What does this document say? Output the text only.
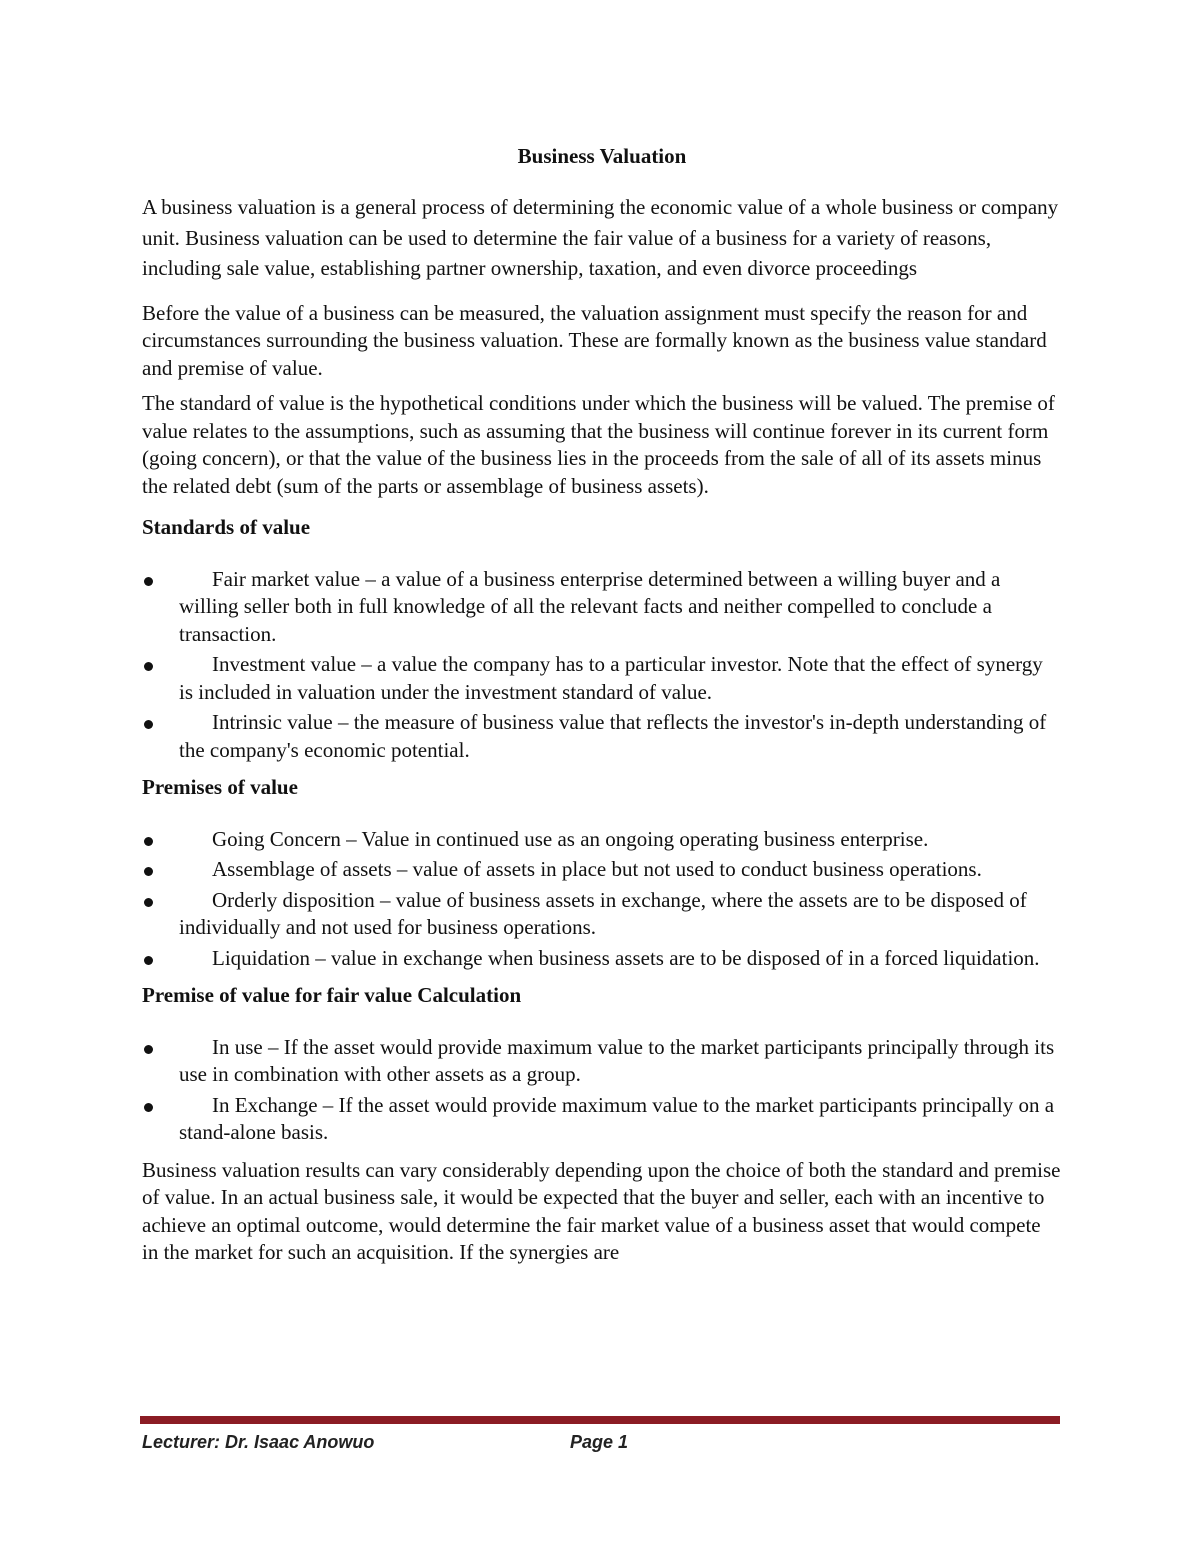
Business Valuation

A business valuation is a general process of determining the economic value of a whole business or company unit. Business valuation can be used to determine the fair value of a business for a variety of reasons, including sale value, establishing partner ownership, taxation, and even divorce proceedings

Before the value of a business can be measured, the valuation assignment must specify the reason for and circumstances surrounding the business valuation. These are formally known as the business value standard and premise of value.

The standard of value is the hypothetical conditions under which the business will be valued. The premise of value relates to the assumptions, such as assuming that the business will continue forever in its current form (going concern), or that the value of the business lies in the proceeds from the sale of all of its assets minus the related debt (sum of the parts or assemblage of business assets).

Standards of value
Fair market value – a value of a business enterprise determined between a willing buyer and a willing seller both in full knowledge of all the relevant facts and neither compelled to conclude a transaction.
Investment value – a value the company has to a particular investor. Note that the effect of synergy is included in valuation under the investment standard of value.
Intrinsic value – the measure of business value that reflects the investor's in-depth understanding of the company's economic potential.
Premises of value
Going Concern – Value in continued use as an ongoing operating business enterprise.
Assemblage of assets – value of assets in place but not used to conduct business operations.
Orderly disposition – value of business assets in exchange, where the assets are to be disposed of individually and not used for business operations.
Liquidation – value in exchange when business assets are to be disposed of in a forced liquidation.
Premise of value for fair value Calculation
In use – If the asset would provide maximum value to the market participants principally through its use in combination with other assets as a group.
In Exchange – If the asset would provide maximum value to the market participants principally on a stand-alone basis.

Business valuation results can vary considerably depending upon the choice of both the standard and premise of value. In an actual business sale, it would be expected that the buyer and seller, each with an incentive to achieve an optimal outcome, would determine the fair market value of a business asset that would compete in the market for such an acquisition. If the synergies are

Lecturer: Dr. Isaac Anowuo	Page 1
